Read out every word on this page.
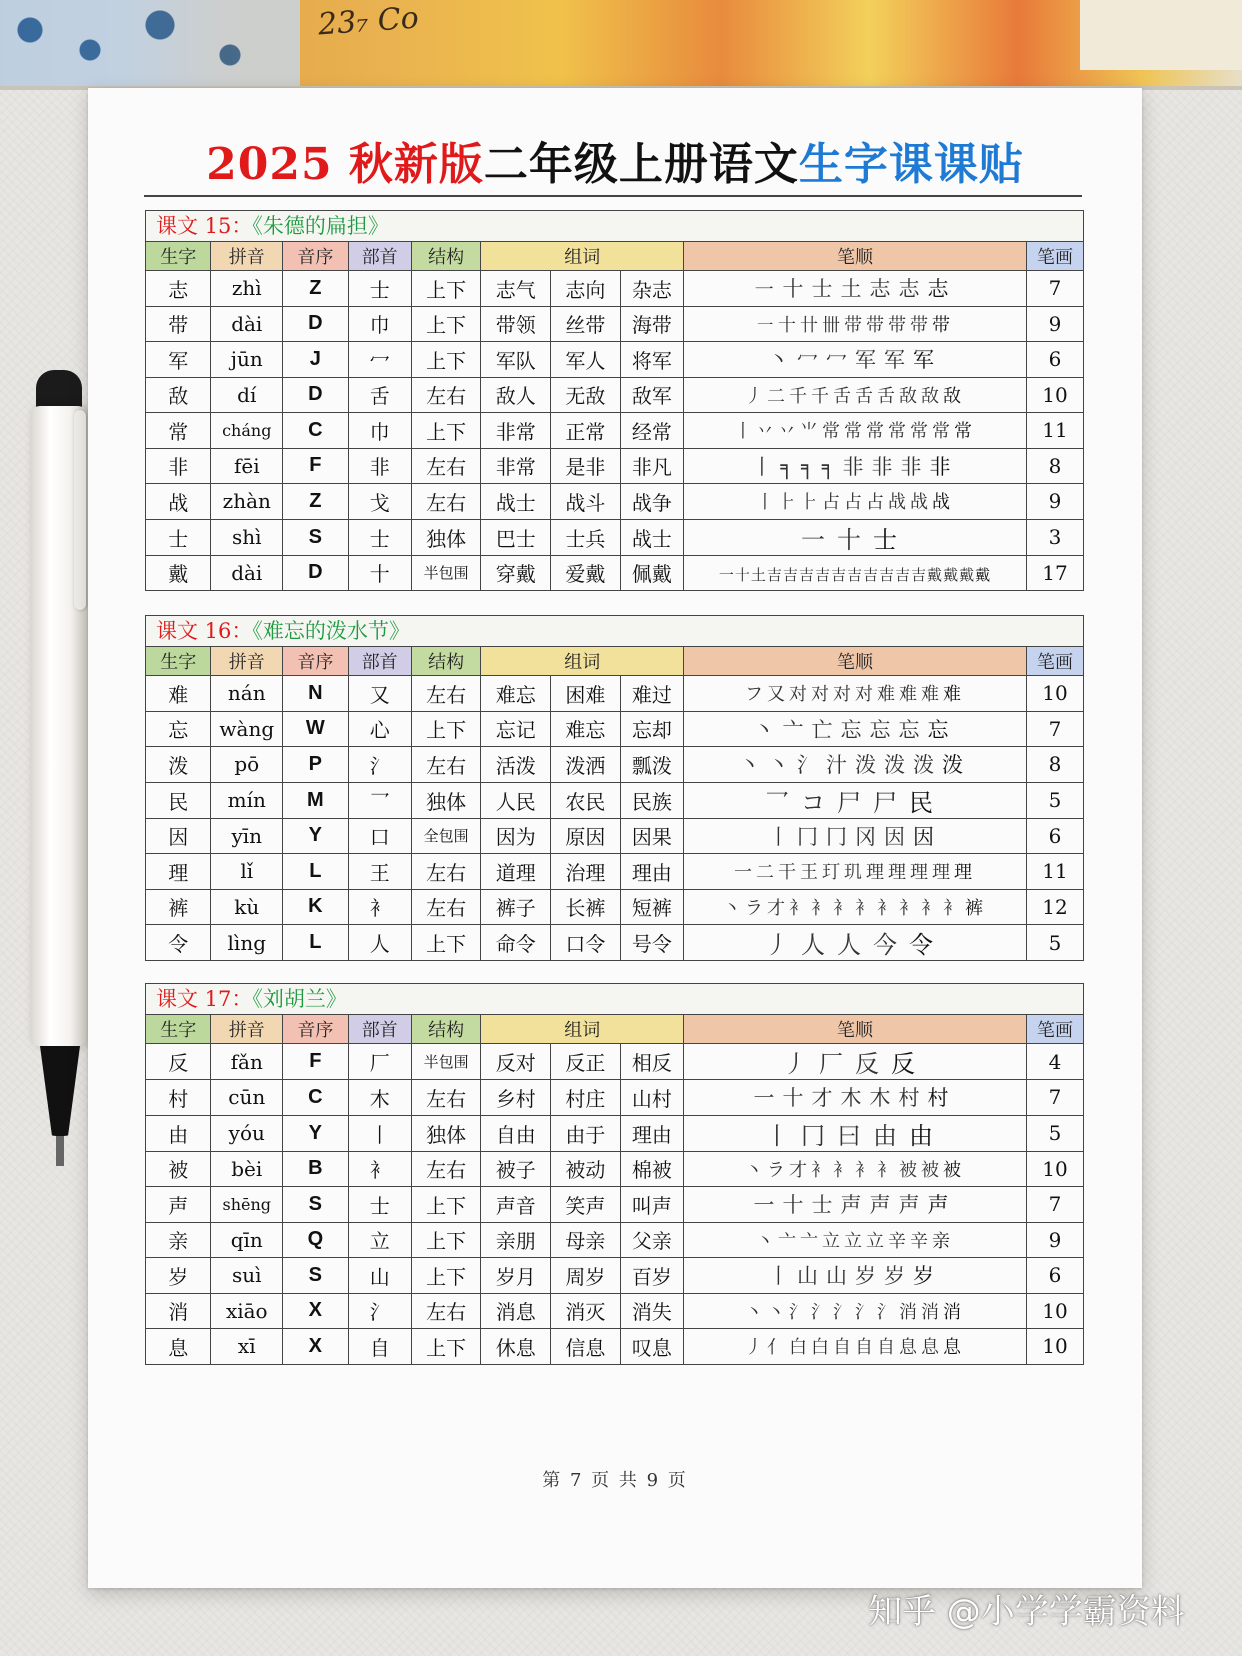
23₇ Co
2025 秋新版二年级上册语文生字课课贴
课文 15：《朱德的扁担》
生字	拼音	音序	部首	结构	组词			笔顺	笔画
志	zhì	Z	士	上下	志气	志向	杂志	㇐ 十 士 土 志 志 志	7
带	dài	D	巾	上下	带领	丝带	海带	㇐ 十 卄 卌 带 带 带 带 带	9
军	jūn	J	冖	上下	军队	军人	将军	丶 冖 冖 军 军 军	6
敌	dí	D	舌	左右	敌人	无敌	敌军	丿 二 千 千 舌 舌 舌 敌 敌 敌	10
常	cháng	C	巾	上下	非常	正常	经常	丨 丷 丷 ⺌ 常 常 常 常 常 常 常	11
非	fēi	F	非	左右	非常	是非	非凡	丨 ╕ ╕ ╕ 非 非 非 非	8
战	zhàn	Z	戈	左右	战士	战斗	战争	丨 ⺊ ⺊ 占 占 占 战 战 战	9
士	shì	S	士	独体	巴士	士兵	战士	一 十 士	3
戴	dài	D	十	半包围	穿戴	爱戴	佩戴	一十土吉吉吉吉吉吉吉吉吉吉戴戴戴戴	17
课文 16：《难忘的泼水节》
生字	拼音	音序	部首	结构	组词			笔顺	笔画
难	nán	N	又	左右	难忘	困难	难过	フ 又 对 对 对 对 难 难 难 难	10
忘	wàng	W	心	上下	忘记	难忘	忘却	丶 亠 亡 忘 忘 忘 忘	7
泼	pō	P	氵	左右	活泼	泼洒	瓢泼	丶 丶 氵 汁 泼 泼 泼 泼	8
民	mín	M	乛	独体	人民	农民	民族	乛 コ 尸 尸 民	5
因	yīn	Y	口	全包围	因为	原因	因果	丨 冂 冂 冈 因 因	6
理	lǐ	L	王	左右	道理	治理	理由	一 二 干 王 玎 玑 理 理 理 理 理	11
裤	kù	K	衤	左右	裤子	长裤	短裤	丶 ラ 才 衤 衤 衤 衤 衤 衤 衤 衤 裤	12
令	lìng	L	人	上下	命令	口令	号令	丿 人 人 今 令	5
课文 17：《刘胡兰》
生字	拼音	音序	部首	结构	组词			笔顺	笔画
反	fǎn	F	厂	半包围	反对	反正	相反	丿 厂 反 反	4
村	cūn	C	木	左右	乡村	村庄	山村	一 十 才 木 木 村 村	7
由	yóu	Y	丨	独体	自由	由于	理由	丨 冂 曰 由 由	5
被	bèi	B	衤	左右	被子	被动	棉被	丶 ラ 才 衤 衤 衤 衤 被 被 被	10
声	shēng	S	士	上下	声音	笑声	叫声	一 十 士 声 声 声 声	7
亲	qīn	Q	立	上下	亲朋	母亲	父亲	丶 亠 亠 立 立 立 辛 辛 亲	9
岁	suì	S	山	上下	岁月	周岁	百岁	丨 山 山 岁 岁 岁	6
消	xiāo	X	氵	左右	消息	消灭	消失	丶 丶 氵 氵 氵 氵 氵 消 消 消	10
息	xī	X	自	上下	休息	信息	叹息	丿 亻 白 白 自 自 自 息 息 息	10
第 7 页 共 9 页
知乎 @小学学霸资料
